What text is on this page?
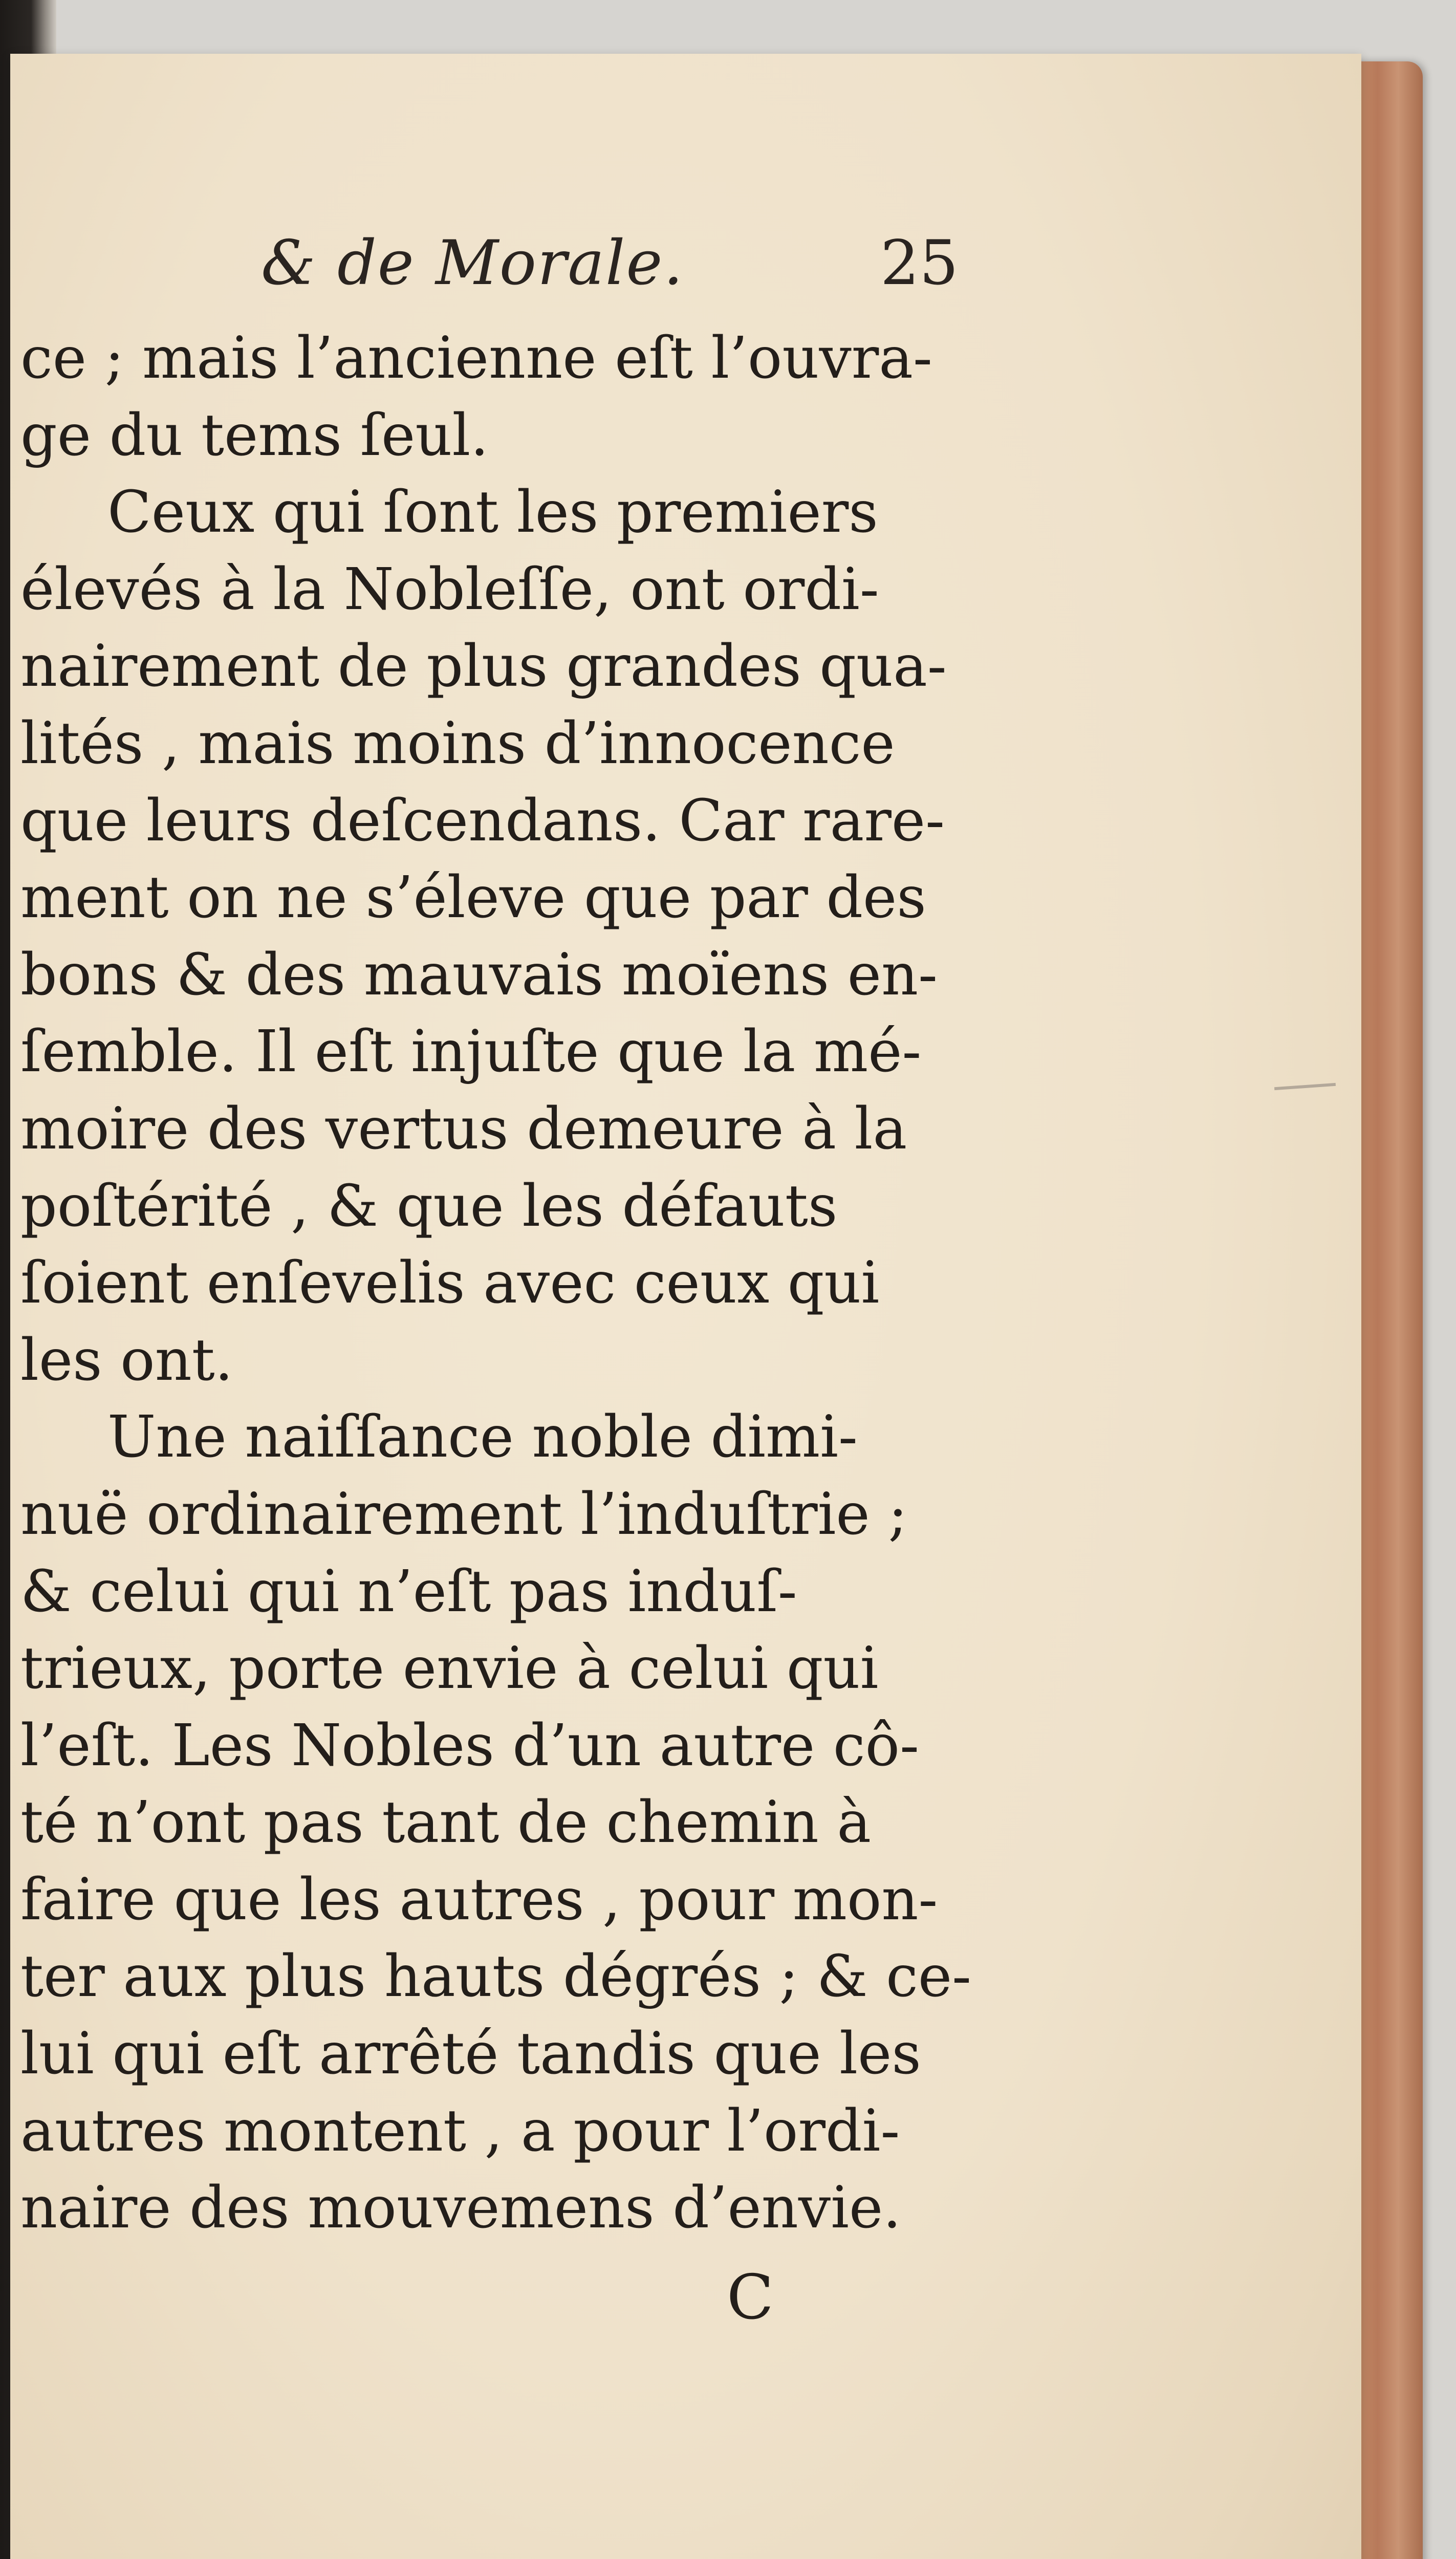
& de Morale.	25
ce ; mais l’ancienne eſt l’ouvra-
ge du tems ſeul.
Ceux qui ſont les premiers
élevés à la Nobleſſe, ont ordi-
nairement de plus grandes qua-
lités , mais moins d’innocence
que leurs deſcendans. Car rare-
ment on ne s’éleve que par des
bons & des mauvais moïens en-
ſemble. Il eſt injuſte que la mé-
moire des vertus demeure à la
poſtérité , & que les défauts
ſoient enſevelis avec ceux qui
les ont.
Une naiſſance noble dimi-
nuë ordinairement l’induſtrie ;
& celui qui n’eſt pas induſ-
trieux, porte envie à celui qui
l’eſt. Les Nobles d’un autre cô-
té n’ont pas tant de chemin à
faire que les autres , pour mon-
ter aux plus hauts dégrés ; & ce-
lui qui eſt arrêté tandis que les
autres montent , a pour l’ordi-
naire des mouvemens d’envie.
C
